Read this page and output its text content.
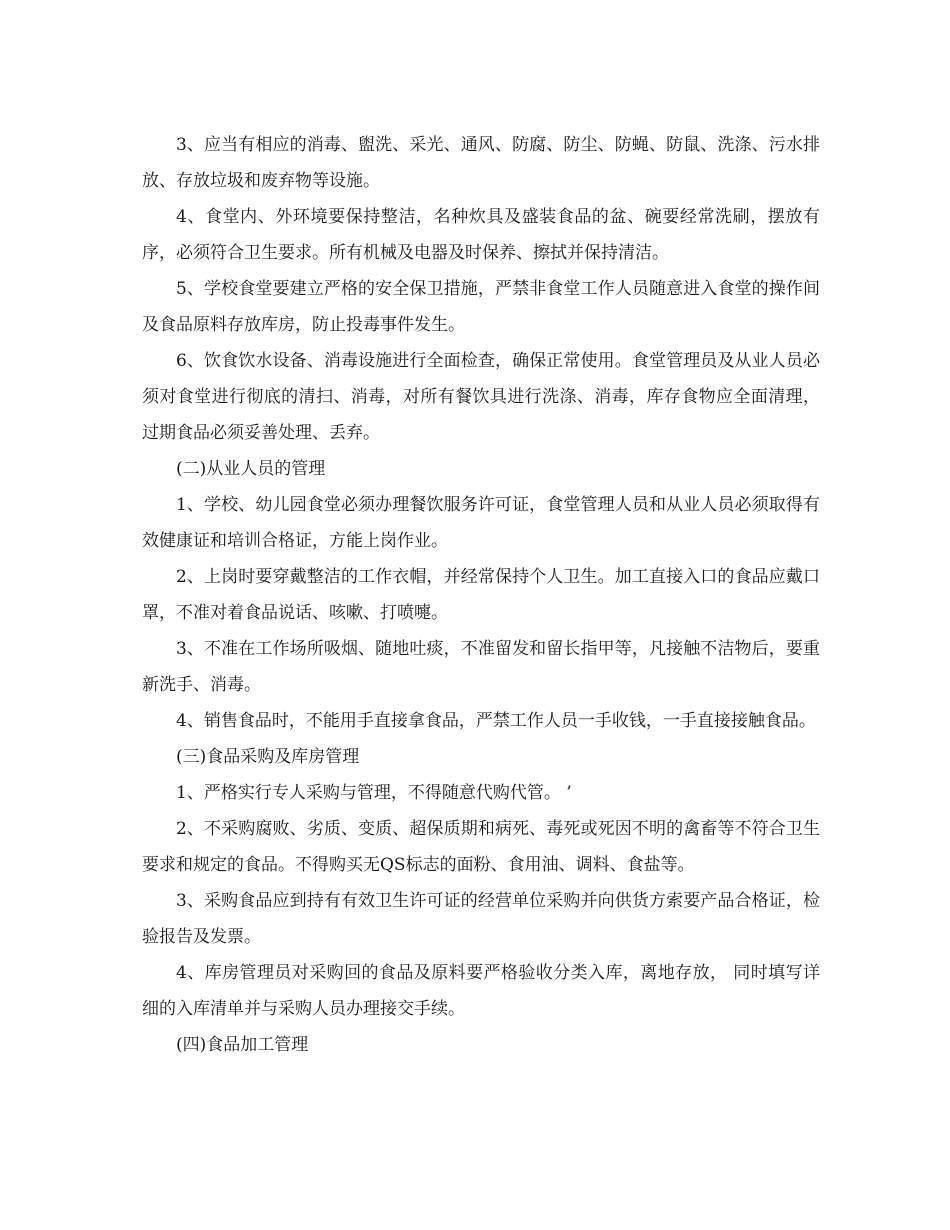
3、应当有相应的消毒、盥洗、采光、通风、防腐、防尘、防蝇、防鼠、洗涤、污水排放、存放垃圾和废弃物等设施。

4、食堂内、外环境要保持整洁，名种炊具及盛装食品的盆、碗要经常洗刷，摆放有序，必须符合卫生要求。所有机械及电器及时保养、擦拭并保持清洁。

5、学校食堂要建立严格的安全保卫措施，严禁非食堂工作人员随意进入食堂的操作间及食品原料存放库房，防止投毒事件发生。

6、饮食饮水设备、消毒设施进行全面检查，确保正常使用。食堂管理员及从业人员必须对食堂进行彻底的清扫、消毒，对所有餐饮具进行洗涤、消毒，库存食物应全面清理，过期食品必须妥善处理、丢弃。

(二)从业人员的管理

1、学校、幼儿园食堂必须办理餐饮服务许可证，食堂管理人员和从业人员必须取得有效健康证和培训合格证，方能上岗作业。

2、上岗时要穿戴整洁的工作衣帽，并经常保持个人卫生。加工直接入口的食品应戴口罩，不准对着食品说话、咳嗽、打喷嚏。

3、不准在工作场所吸烟、随地吐痰，不准留发和留长指甲等，凡接触不洁物后，要重新洗手、消毒。

4、销售食品时，不能用手直接拿食品，严禁工作人员一手收钱，一手直接接触食品。

(三)食品采购及库房管理

1、严格实行专人采购与管理，不得随意代购代管。 ’

2、不采购腐败、劣质、变质、超保质期和病死、毒死或死因不明的禽畜等不符合卫生要求和规定的食品。不得购买无QS标志的面粉、食用油、调料、食盐等。

3、采购食品应到持有有效卫生许可证的经营单位采购并向供货方索要产品合格证，检验报告及发票。

4、库房管理员对采购回的食品及原料要严格验收分类入库，离地存放， 同时填写详细的入库清单并与采购人员办理接交手续。

(四)食品加工管理
